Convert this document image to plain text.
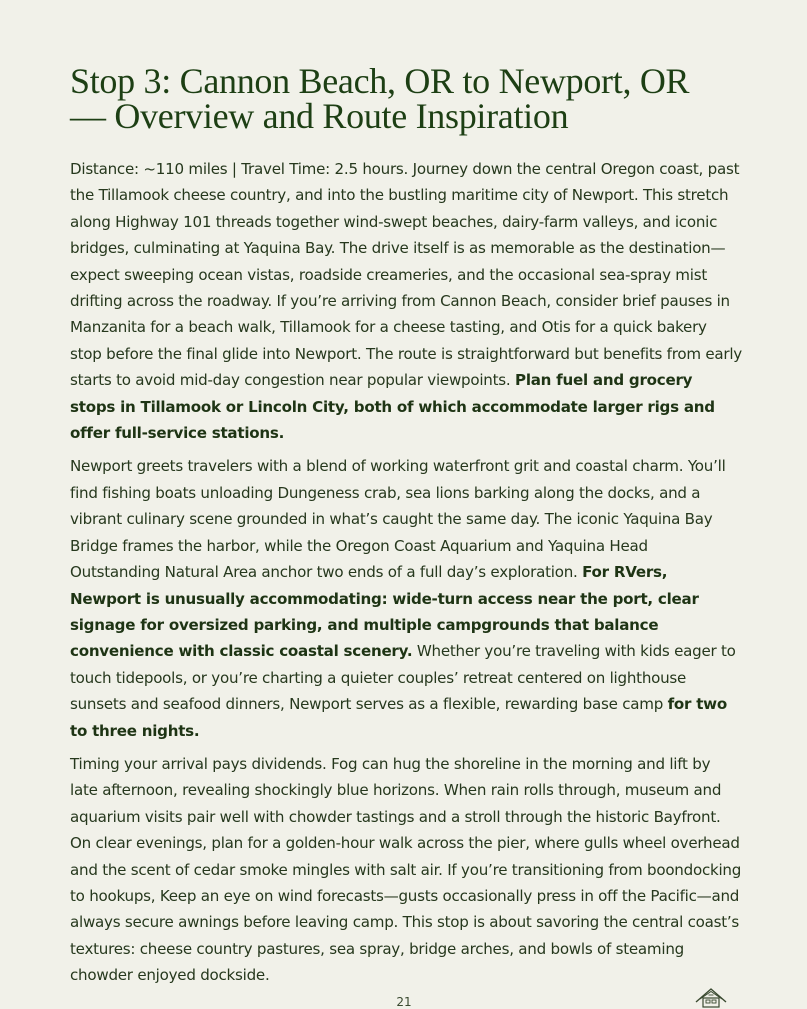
Stop 3: Cannon Beach, OR to Newport, OR
— Overview and Route Inspiration

Distance: ~110 miles | Travel Time: 2.5 hours. Journey down the central Oregon coast, past the Tillamook cheese country, and into the bustling maritime city of Newport. This stretch along Highway 101 threads together wind-swept beaches, dairy-farm valleys, and iconic bridges, culminating at Yaquina Bay. The drive itself is as memorable as the destination—expect sweeping ocean vistas, roadside creameries, and the occasional sea-spray mist drifting across the roadway. If you’re arriving from Cannon Beach, consider brief pauses in Manzanita for a beach walk, Tillamook for a cheese tasting, and Otis for a quick bakery stop before the final glide into Newport. The route is straightforward but benefits from early starts to avoid mid-day congestion near popular viewpoints. Plan fuel and grocery stops in Tillamook or Lincoln City, both of which accommodate larger rigs and offer full-service stations.

Newport greets travelers with a blend of working waterfront grit and coastal charm. You’ll find fishing boats unloading Dungeness crab, sea lions barking along the docks, and a vibrant culinary scene grounded in what’s caught the same day. The iconic Yaquina Bay Bridge frames the harbor, while the Oregon Coast Aquarium and Yaquina Head Outstanding Natural Area anchor two ends of a full day’s exploration. For RVers, Newport is unusually accommodating: wide-turn access near the port, clear signage for oversized parking, and multiple campgrounds that balance convenience with classic coastal scenery. Whether you’re traveling with kids eager to touch tidepools, or you’re charting a quieter couples’ retreat centered on lighthouse sunsets and seafood dinners, Newport serves as a flexible, rewarding base camp for two to three nights.

Timing your arrival pays dividends. Fog can hug the shoreline in the morning and lift by late afternoon, revealing shockingly blue horizons. When rain rolls through, museum and aquarium visits pair well with chowder tastings and a stroll through the historic Bayfront. On clear evenings, plan for a golden-hour walk across the pier, where gulls wheel overhead and the scent of cedar smoke mingles with salt air. If you’re transitioning from boondocking to hookups, Keep an eye on wind forecasts—gusts occasionally press in off the Pacific—and always secure awnings before leaving camp. This stop is about savoring the central coast’s textures: cheese country pastures, sea spray, bridge arches, and bowls of steaming chowder enjoyed dockside.

21
